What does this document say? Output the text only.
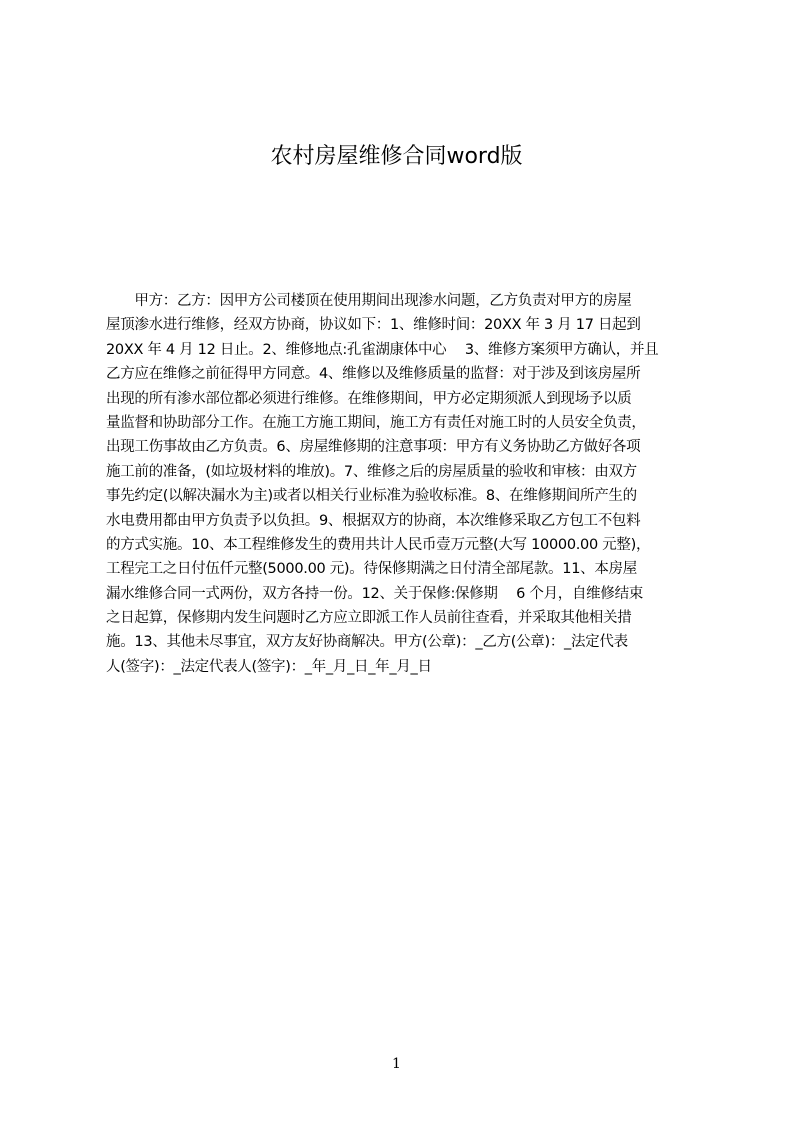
农村房屋维修合同word版
　　甲方：乙方：因甲方公司楼顶在使用期间出现渗水问题，乙方负责对甲方的房屋
屋顶渗水进行维修，经双方协商，协议如下：1、维修时间：20XX 年 3 月 17 日起到
20XX 年 4 月 12 日止。2、维修地点:孔雀湖康体中心　 3、维修方案须甲方确认，并且
乙方应在维修之前征得甲方同意。4、维修以及维修质量的监督：对于涉及到该房屋所
出现的所有渗水部位都必须进行维修。在维修期间，甲方必定期须派人到现场予以质
量监督和协助部分工作。在施工方施工期间，施工方有责任对施工时的人员安全负责，
出现工伤事故由乙方负责。6、房屋维修期的注意事项：甲方有义务协助乙方做好各项
施工前的准备，(如垃圾材料的堆放)。7、维修之后的房屋质量的验收和审核：由双方
事先约定(以解决漏水为主)或者以相关行业标准为验收标准。8、在维修期间所产生的
水电费用都由甲方负责予以负担。9、根据双方的协商，本次维修采取乙方包工不包料
的方式实施。10、本工程维修发生的费用共计人民币壹万元整(大写 10000.00 元整)，
工程完工之日付伍仟元整(5000.00 元)。待保修期满之日付清全部尾款。11、本房屋
漏水维修合同一式两份，双方各持一份。12、关于保修:保修期　 6 个月，自维修结束
之日起算，保修期内发生问题时乙方应立即派工作人员前往查看，并采取其他相关措
施。13、其他未尽事宜，双方友好协商解决。甲方(公章)：_乙方(公章)：_法定代表
人(签字)：_法定代表人(签字)：_年_月_日_年_月_日
1
